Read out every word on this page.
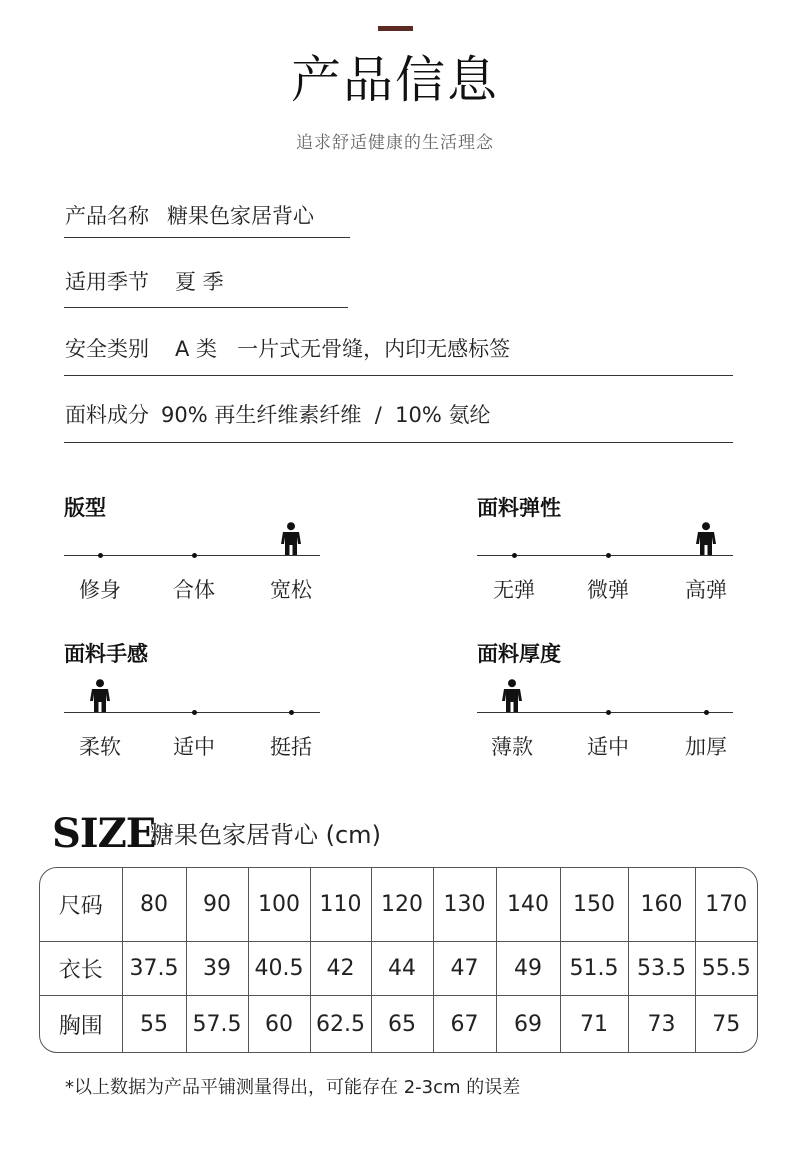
产品信息
追求舒适健康的生活理念
产品名称 糖果色家居背心
适用季节 夏 季
安全类别 A 类   一片式无骨缝，内印无感标签
面料成分 90% 再生纤维素纤维  /  10% 氨纶
版型
修身	合体	宽松
面料弹性
无弹	微弹	高弹
面料手感
柔软	适中	挺括
面料厚度
薄款	适中	加厚
SIZE
糖果色家居背心 (cm)
尺码	80	90	100	110	120	130	140	150	160	170
衣长	37.5	39	40.5	42	44	47	49	51.5	53.5	55.5
胸围	55	57.5	60	62.5	65	67	69	71	73	75
*以上数据为产品平铺测量得出，可能存在 2-3cm 的误差
